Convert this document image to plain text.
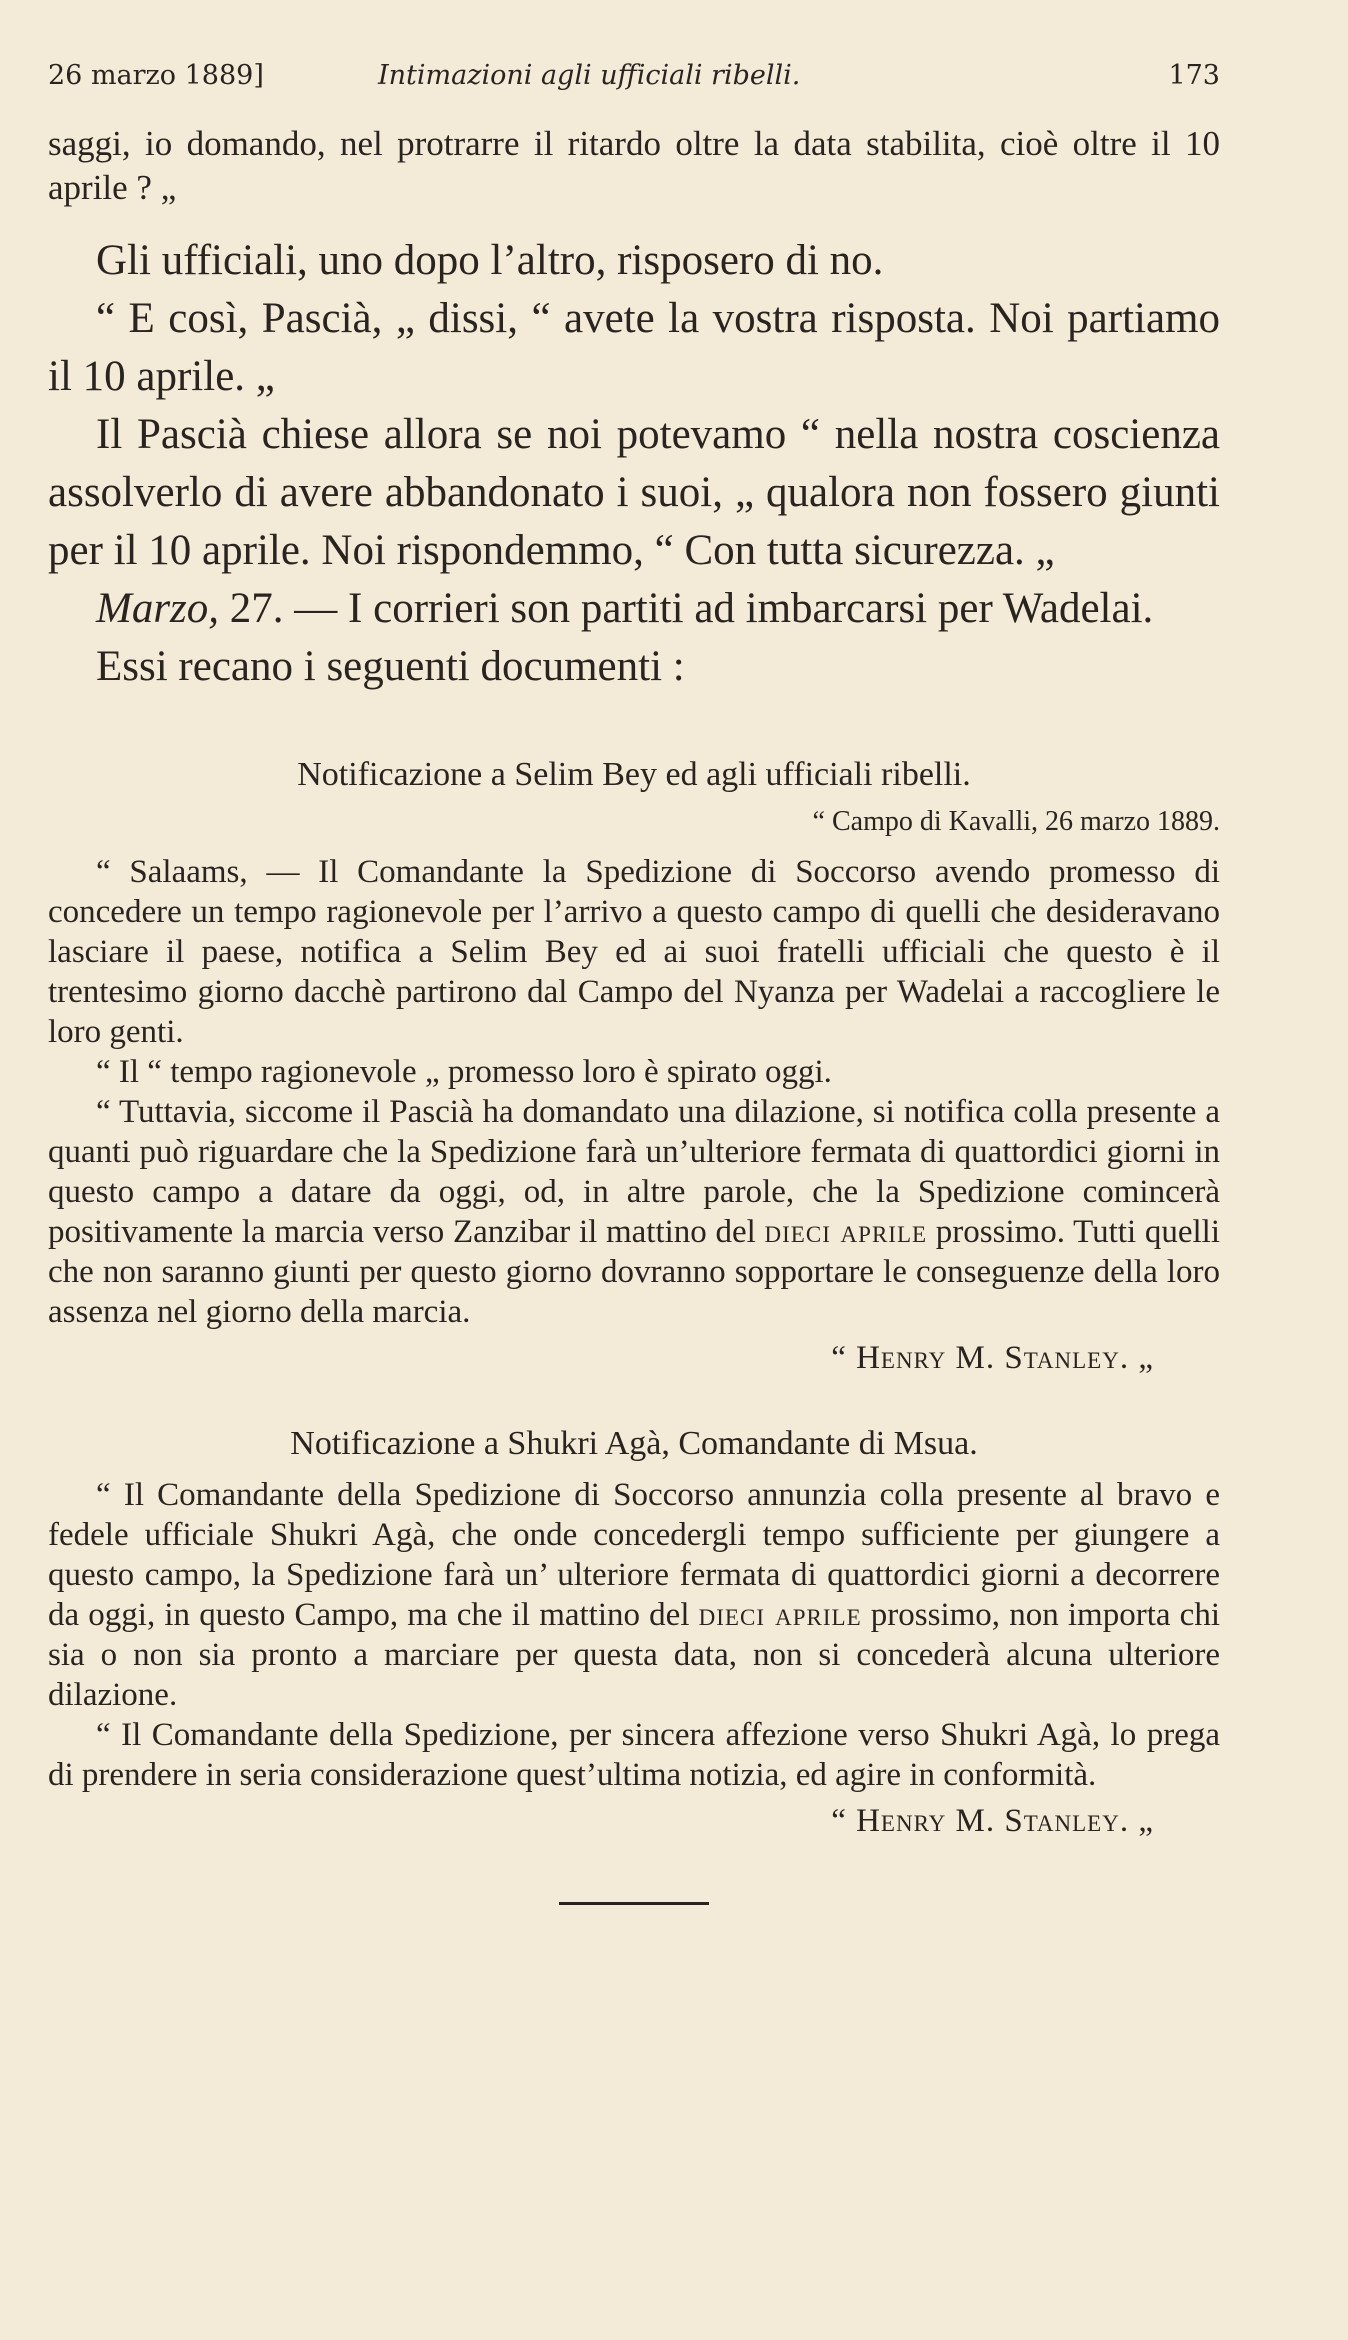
26 marzo 1889]	Intimazioni agli ufficiali ribelli.	173

saggi, io domando, nel protrarre il ritardo oltre la data stabilita, cioè oltre il 10 aprile ? „

Gli ufficiali, uno dopo l’altro, risposero di no.

“ E così, Pascià, „ dissi, “ avete la vostra risposta. Noi partiamo il 10 aprile. „

Il Pascià chiese allora se noi potevamo “ nella nostra coscienza assolverlo di avere abbandonato i suoi, „ qualora non fossero giunti per il 10 aprile. Noi rispondemmo, “ Con tutta sicurezza. „

Marzo, 27. — I corrieri son partiti ad imbarcarsi per Wadelai.

Essi recano i seguenti documenti :

Notificazione a Selim Bey ed agli ufficiali ribelli.
“ Campo di Kavalli, 26 marzo 1889.

“ Salaams, — Il Comandante la Spedizione di Soccorso avendo promesso di concedere un tempo ragionevole per l’arrivo a questo campo di quelli che desideravano lasciare il paese, notifica a Selim Bey ed ai suoi fratelli ufficiali che questo è il trentesimo giorno dacchè partirono dal Campo del Nyanza per Wadelai a raccogliere le loro genti.

“ Il “ tempo ragionevole „ promesso loro è spirato oggi.

“ Tuttavia, siccome il Pascià ha domandato una dilazione, si notifica colla presente a quanti può riguardare che la Spedizione farà un’ulteriore fermata di quattordici giorni in questo campo a datare da oggi, od, in altre parole, che la Spedizione comincerà positivamente la marcia verso Zanzibar il mattino del dieci aprile prossimo. Tutti quelli che non saranno giunti per questo giorno dovranno sopportare le conseguenze della loro assenza nel giorno della marcia.

“ Henry M. Stanley. „
Notificazione a Shukri Agà, Comandante di Msua.

“ Il Comandante della Spedizione di Soccorso annunzia colla presente al bravo e fedele ufficiale Shukri Agà, che onde concedergli tempo sufficiente per giungere a questo campo, la Spedizione farà un’ ulteriore fermata di quattordici giorni a decorrere da oggi, in questo Campo, ma che il mattino del dieci aprile prossimo, non importa chi sia o non sia pronto a marciare per questa data, non si concederà alcuna ulteriore dilazione.

“ Il Comandante della Spedizione, per sincera affezione verso Shukri Agà, lo prega di prendere in seria considerazione quest’ultima notizia, ed agire in conformità.

“ Henry M. Stanley. „
